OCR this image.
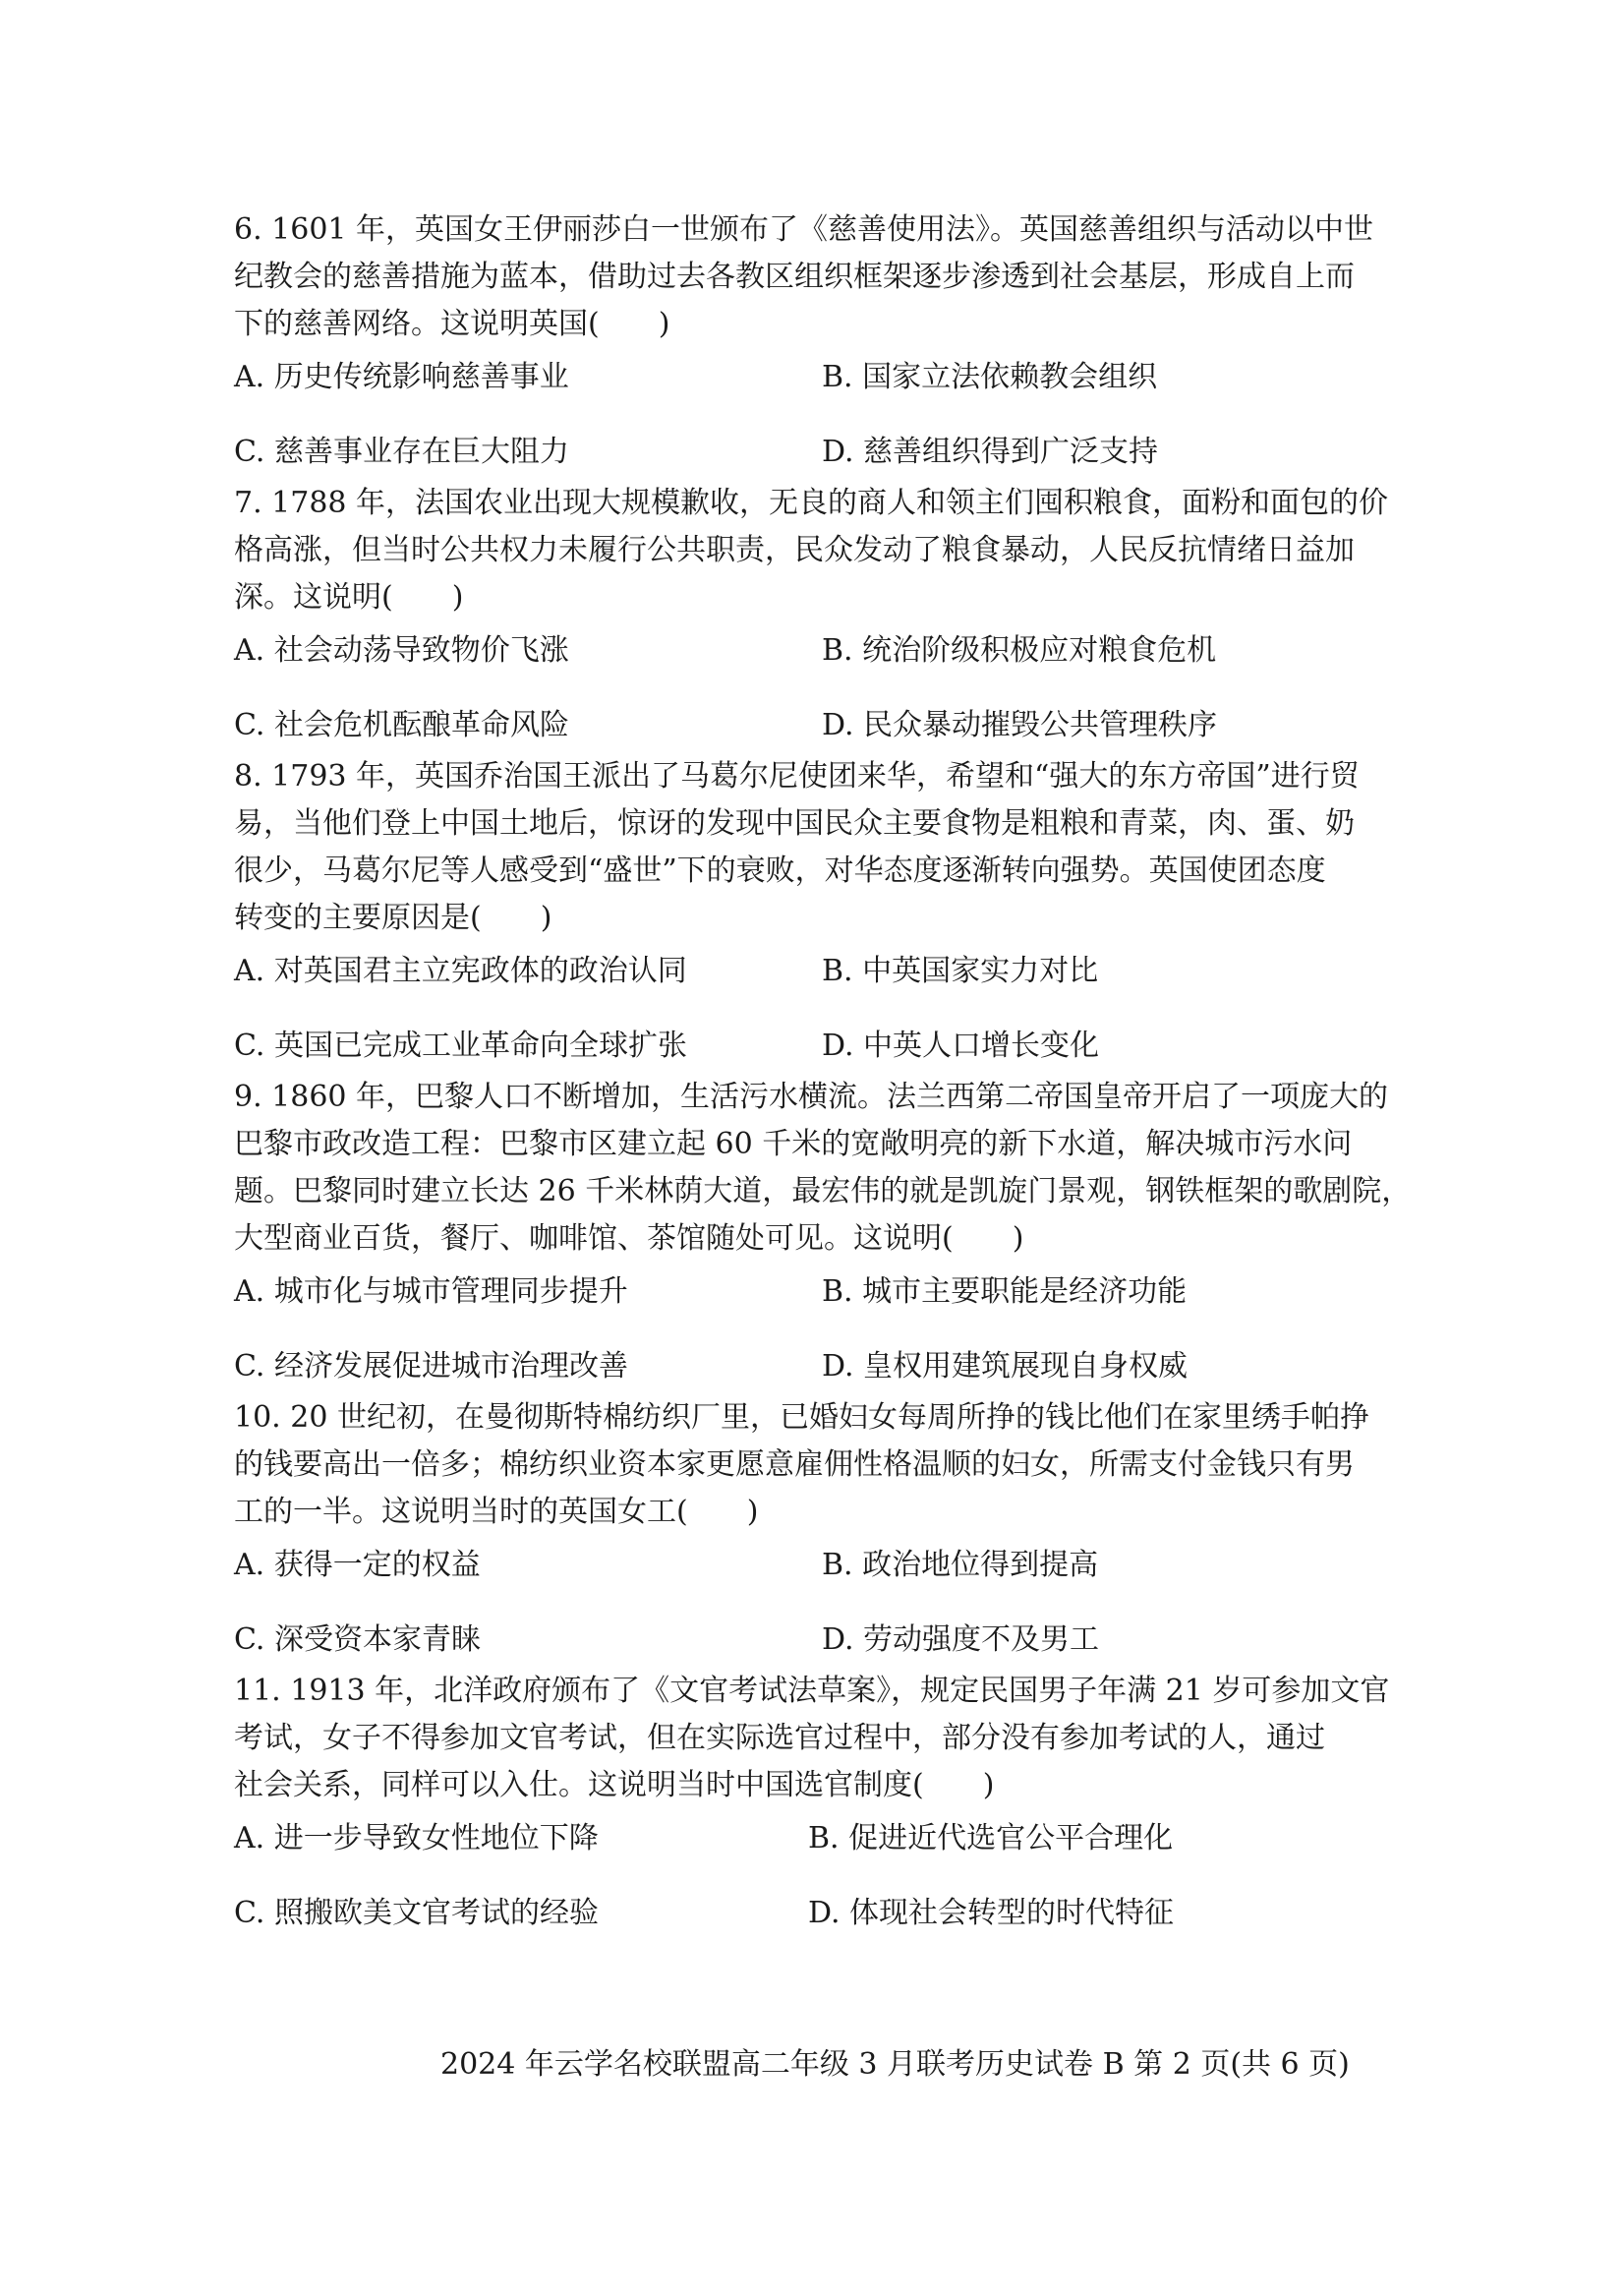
6. 1601 年，英国女王伊丽莎白一世颁布了《慈善使用法》。英国慈善组织与活动以中世
纪教会的慈善措施为蓝本，借助过去各教区组织框架逐步渗透到社会基层，形成自上而
下的慈善网络。这说明英国(　　)
A. 历史传统影响慈善事业	B. 国家立法依赖教会组织
C. 慈善事业存在巨大阻力	D. 慈善组织得到广泛支持
7. 1788 年，法国农业出现大规模歉收，无良的商人和领主们囤积粮食，面粉和面包的价
格高涨，但当时公共权力未履行公共职责，民众发动了粮食暴动，人民反抗情绪日益加
深。这说明(　　)
A. 社会动荡导致物价飞涨	B. 统治阶级积极应对粮食危机
C. 社会危机酝酿革命风险	D. 民众暴动摧毁公共管理秩序
8. 1793 年，英国乔治国王派出了马葛尔尼使团来华，希望和“强大的东方帝国”进行贸
易，当他们登上中国土地后，惊讶的发现中国民众主要食物是粗粮和青菜，肉、蛋、奶
很少，马葛尔尼等人感受到“盛世”下的衰败，对华态度逐渐转向强势。英国使团态度
转变的主要原因是(　　)
A. 对英国君主立宪政体的政治认同	B. 中英国家实力对比
C. 英国已完成工业革命向全球扩张	D. 中英人口增长变化
9. 1860 年，巴黎人口不断增加，生活污水横流。法兰西第二帝国皇帝开启了一项庞大的
巴黎市政改造工程：巴黎市区建立起 60 千米的宽敞明亮的新下水道，解决城市污水问
题。巴黎同时建立长达 26 千米林荫大道，最宏伟的就是凯旋门景观，钢铁框架的歌剧院，
大型商业百货，餐厅、咖啡馆、茶馆随处可见。这说明(　　)
A. 城市化与城市管理同步提升	B. 城市主要职能是经济功能
C. 经济发展促进城市治理改善	D. 皇权用建筑展现自身权威
10. 20 世纪初，在曼彻斯特棉纺织厂里，已婚妇女每周所挣的钱比他们在家里绣手帕挣
的钱要高出一倍多；棉纺织业资本家更愿意雇佣性格温顺的妇女，所需支付金钱只有男
工的一半。这说明当时的英国女工(　　)
A. 获得一定的权益	B. 政治地位得到提高
C. 深受资本家青睐	D. 劳动强度不及男工
11. 1913 年，北洋政府颁布了《文官考试法草案》，规定民国男子年满 21 岁可参加文官
考试，女子不得参加文官考试，但在实际选官过程中，部分没有参加考试的人，通过
社会关系，同样可以入仕。这说明当时中国选官制度(　　)
A. 进一步导致女性地位下降	B. 促进近代选官公平合理化
C. 照搬欧美文官考试的经验	D. 体现社会转型的时代特征
2024 年云学名校联盟高二年级 3 月联考历史试卷 B 第 2 页(共 6 页)
